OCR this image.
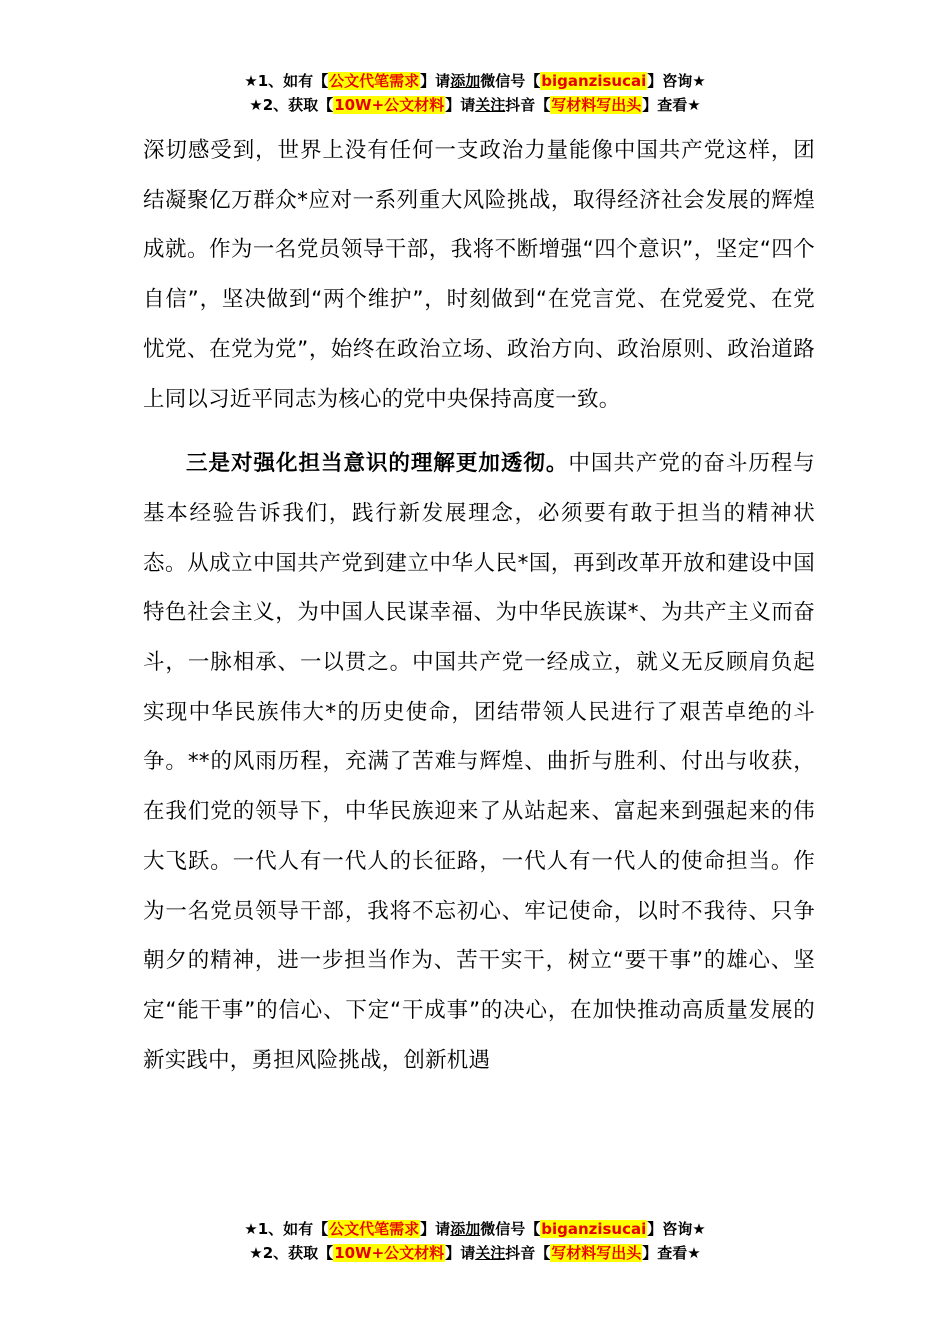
★1、如有【公文代笔需求】请添加微信号【biganzisucai】咨询★
★2、获取【10W+公文材料】请关注抖音【写材料写出头】查看★

深切感受到，世界上没有任何一支政治力量能像中国共产党这样，团结凝聚亿万群众*应对一系列重大风险挑战，取得经济社会发展的辉煌成就。作为一名党员领导干部，我将不断增强“四个意识”，坚定“四个自信”，坚决做到“两个维护”，时刻做到“在党言党、在党爱党、在党忧党、在党为党”，始终在政治立场、政治方向、政治原则、政治道路上同以习近平同志为核心的党中央保持高度一致。

三是对强化担当意识的理解更加透彻。中国共产党的奋斗历程与基本经验告诉我们，践行新发展理念，必须要有敢于担当的精神状态。从成立中国共产党到建立中华人民*国，再到改革开放和建设中国特色社会主义，为中国人民谋幸福、为中华民族谋*、为共产主义而奋斗，一脉相承、一以贯之。中国共产党一经成立，就义无反顾肩负起实现中华民族伟大*的历史使命，团结带领人民进行了艰苦卓绝的斗争。**的风雨历程，充满了苦难与辉煌、曲折与胜利、付出与收获，在我们党的领导下，中华民族迎来了从站起来、富起来到强起来的伟大飞跃。一代人有一代人的长征路，一代人有一代人的使命担当。作为一名党员领导干部，我将不忘初心、牢记使命，以时不我待、只争朝夕的精神，进一步担当作为、苦干实干，树立“要干事”的雄心、坚定“能干事”的信心、下定“干成事”的决心，在加快推动高质量发展的新实践中，勇担风险挑战，创新机遇

★1、如有【公文代笔需求】请添加微信号【biganzisucai】咨询★
★2、获取【10W+公文材料】请关注抖音【写材料写出头】查看★
